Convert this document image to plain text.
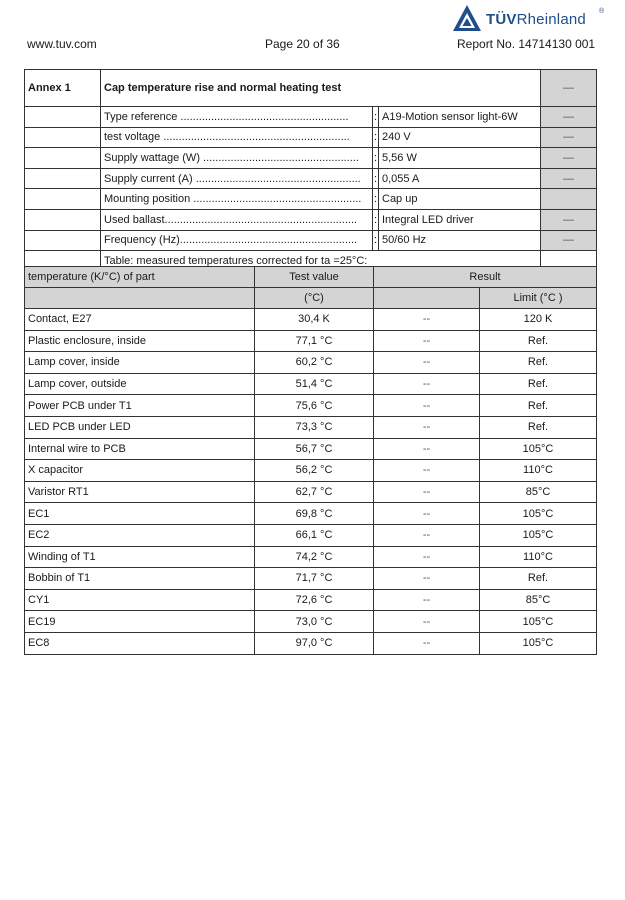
www.tuv.com	Page 20 of 36	Report No. 14714130 001
TÜVRheinland ®
Annex 1	Cap temperature rise and normal heating test			—
	Type reference .......................................................	:	A19-Motion sensor light-6W	—
	test voltage .............................................................	:	240 V	—
	Supply wattage (W) ...................................................	:	5,56 W	—
	Supply current (A) ......................................................	:	0,055 A	—
	Mounting position .......................................................	:	Cap up	
	Used ballast...............................................................	:	Integral LED driver	—
	Frequency (Hz)..........................................................	:	50/60 Hz	—
	Table: measured temperatures corrected for ta =25°C:			
temperature (K/°C) of part	Test value	Result	
	(°C)		Limit (°C )
Contact, E27	30,4 K	--	120 K
Plastic enclosure, inside	77,1 °C	--	Ref.
Lamp cover, inside	60,2 °C	--	Ref.
Lamp cover, outside	51,4 °C	--	Ref.
Power PCB under T1	75,6 °C	--	Ref.
LED PCB under LED	73,3 °C	--	Ref.
Internal wire to PCB	56,7 °C	--	105°C
X capacitor	56,2 °C	--	110°C
Varistor RT1	62,7 °C	--	85°C
EC1	69,8 °C	--	105°C
EC2	66,1 °C	--	105°C
Winding of T1	74,2 °C	--	110°C
Bobbin of T1	71,7 °C	--	Ref.
CY1	72,6 °C	--	85°C
EC19	73,0 °C	--	105°C
EC8	97,0 °C	--	105°C
